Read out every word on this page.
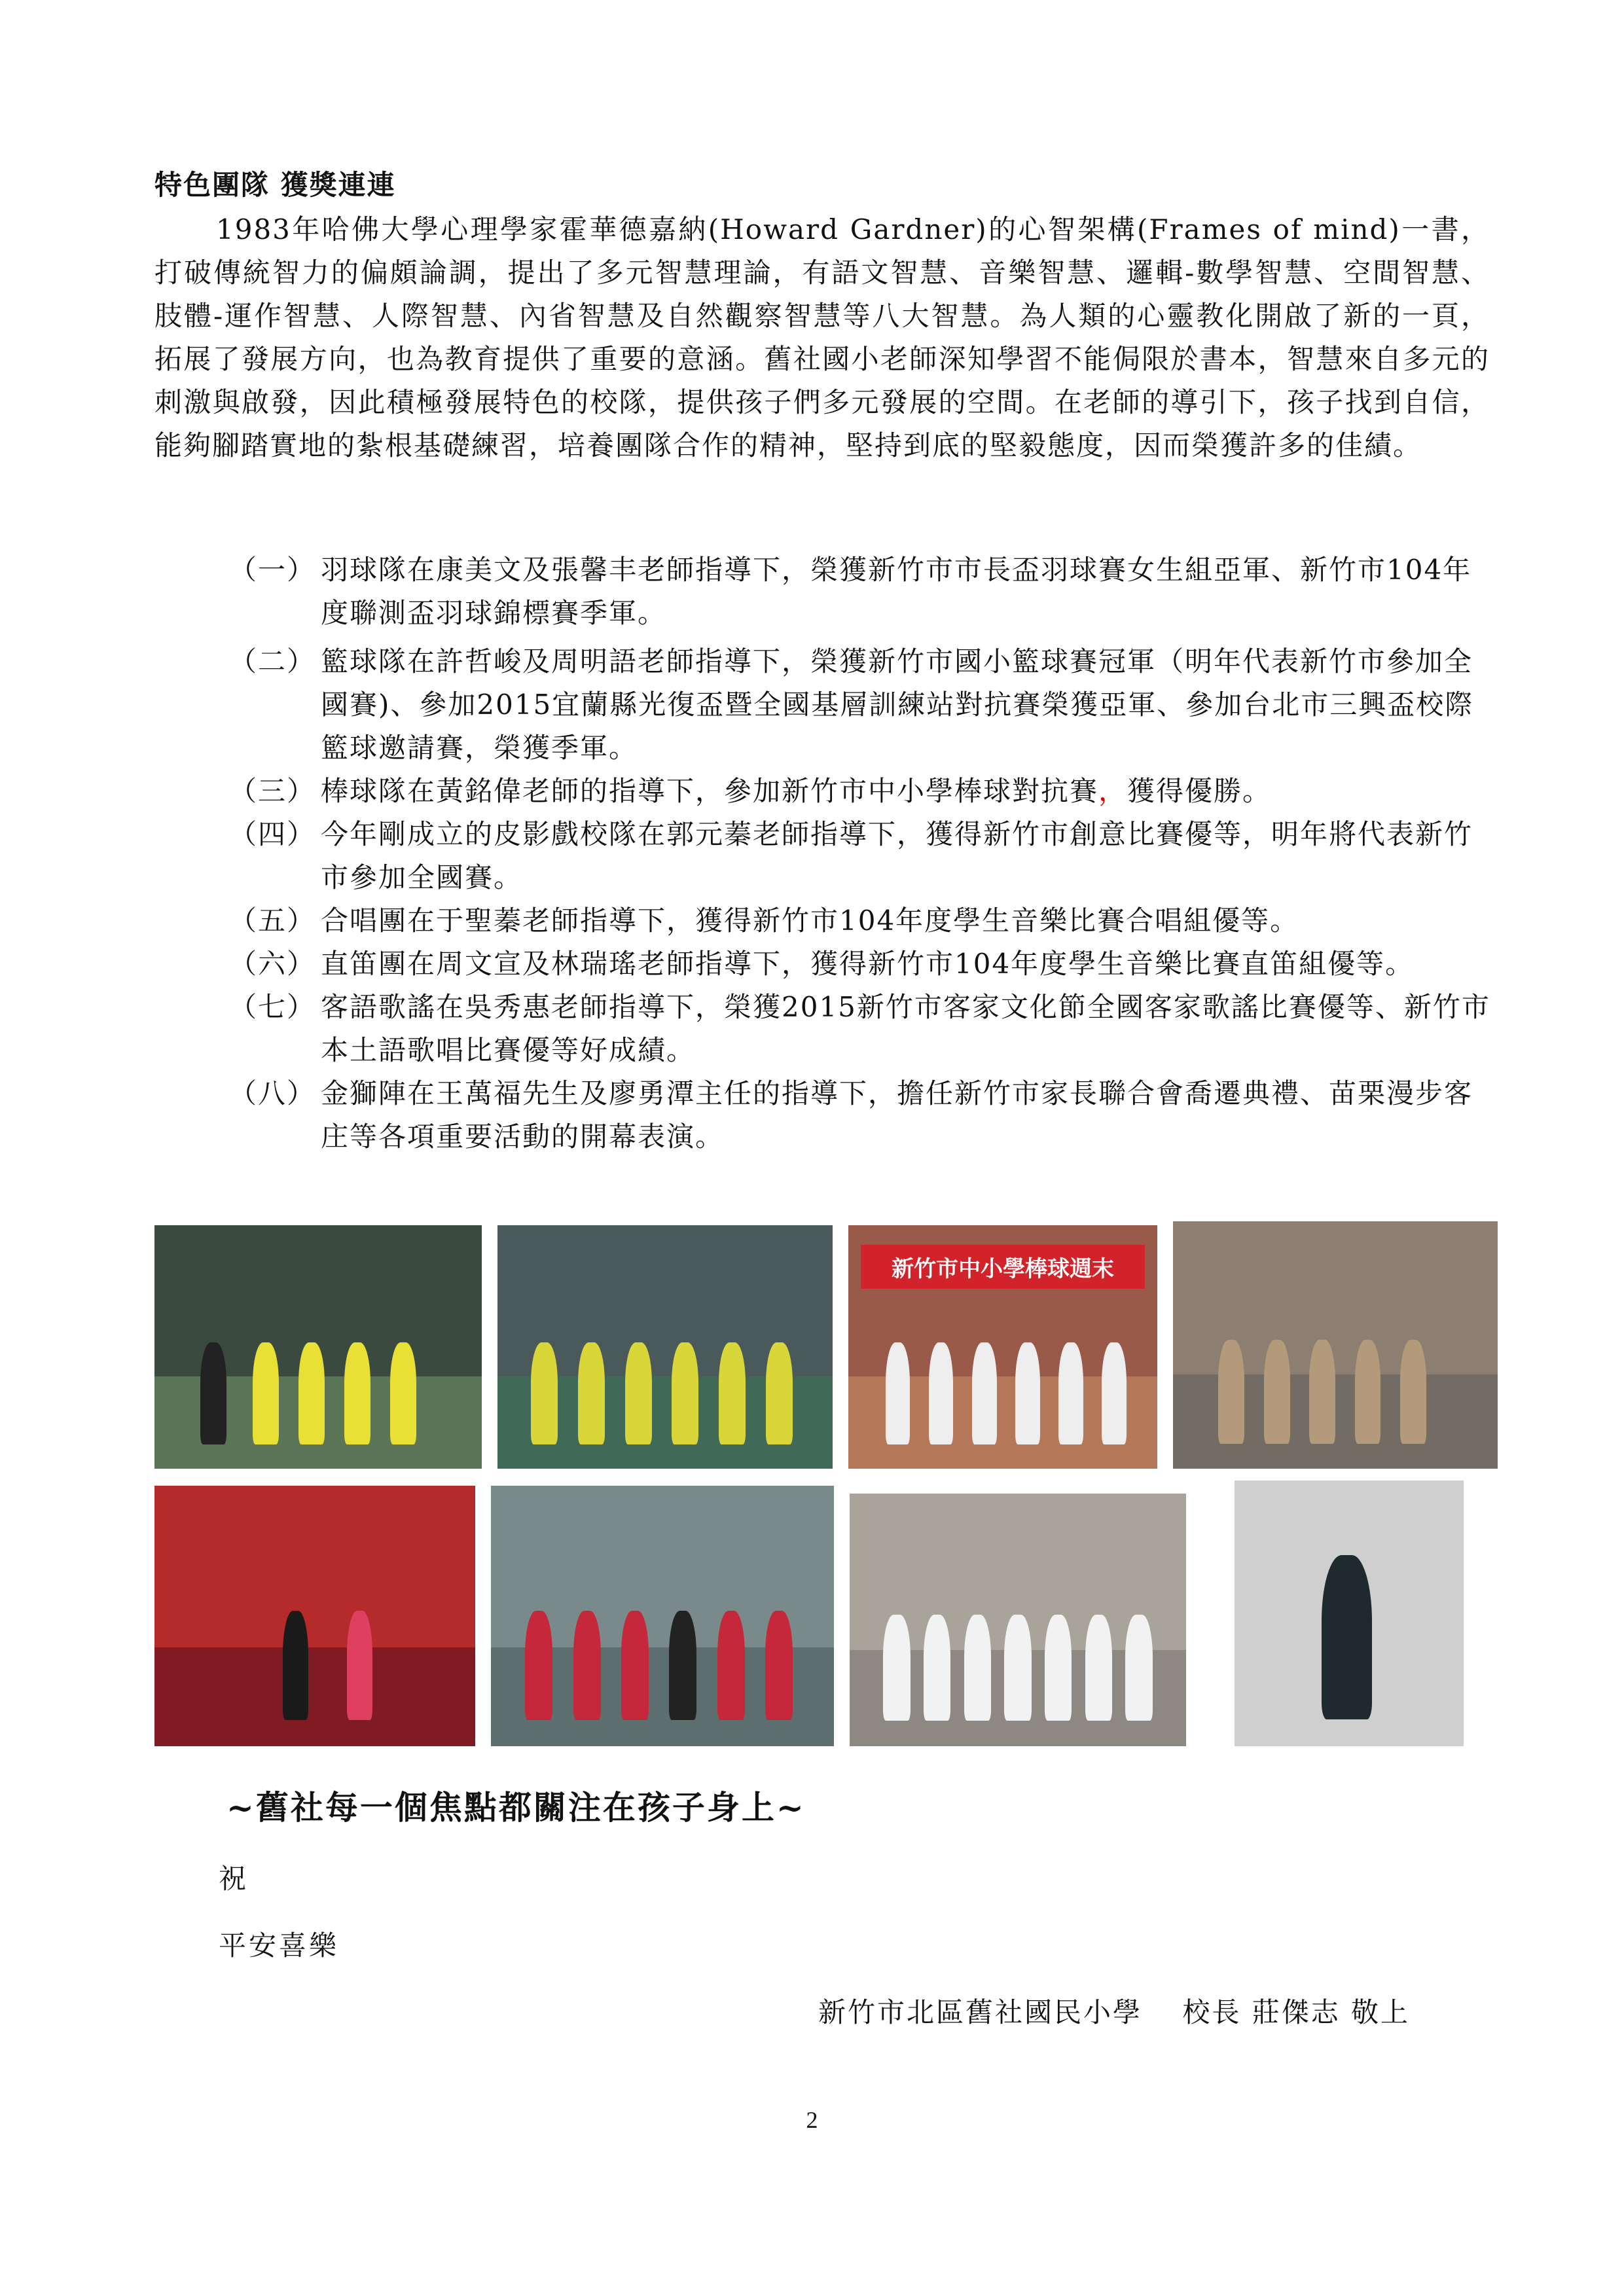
特色團隊 獲獎連連

1983年哈佛大學心理學家霍華德嘉納(Howard Gardner)的心智架構(Frames of mind)一書，打破傳統智力的偏頗論調，提出了多元智慧理論，有語文智慧、音樂智慧、邏輯-數學智慧、空間智慧、肢體-運作智慧、人際智慧、內省智慧及自然觀察智慧等八大智慧。為人類的心靈教化開啟了新的一頁，拓展了發展方向，也為教育提供了重要的意涵。舊社國小老師深知學習不能侷限於書本，智慧來自多元的刺激與啟發，因此積極發展特色的校隊，提供孩子們多元發展的空間。在老師的導引下，孩子找到自信，能夠腳踏實地的紮根基礎練習，培養團隊合作的精神，堅持到底的堅毅態度，因而榮獲許多的佳績。

（一） 羽球隊在康美文及張馨丰老師指導下，榮獲新竹市市長盃羽球賽女生組亞軍、新竹市104年度聯測盃羽球錦標賽季軍。
（二） 籃球隊在許哲峻及周明語老師指導下，榮獲新竹市國小籃球賽冠軍（明年代表新竹市參加全國賽)、參加2015宜蘭縣光復盃暨全國基層訓練站對抗賽榮獲亞軍、參加台北市三興盃校際籃球邀請賽，榮獲季軍。
（三） 棒球隊在黃銘偉老師的指導下，參加新竹市中小學棒球對抗賽，獲得優勝。
（四） 今年剛成立的皮影戲校隊在郭元蓁老師指導下，獲得新竹市創意比賽優等，明年將代表新竹市參加全國賽。
（五） 合唱團在于聖蓁老師指導下，獲得新竹市104年度學生音樂比賽合唱組優等。
（六） 直笛團在周文宣及林瑞瑤老師指導下，獲得新竹市104年度學生音樂比賽直笛組優等。
（七） 客語歌謠在吳秀惠老師指導下，榮獲2015新竹市客家文化節全國客家歌謠比賽優等、新竹市本土語歌唱比賽優等好成績。
（八） 金獅陣在王萬福先生及廖勇潭主任的指導下，擔任新竹市家長聯合會喬遷典禮、苗栗漫步客庄等各項重要活動的開幕表演。
新竹市中小學棒球週末
~舊社每一個焦點都關注在孩子身上~
祝
平安喜樂
新竹市北區舊社國民小學　 校長 莊傑志 敬上
2
